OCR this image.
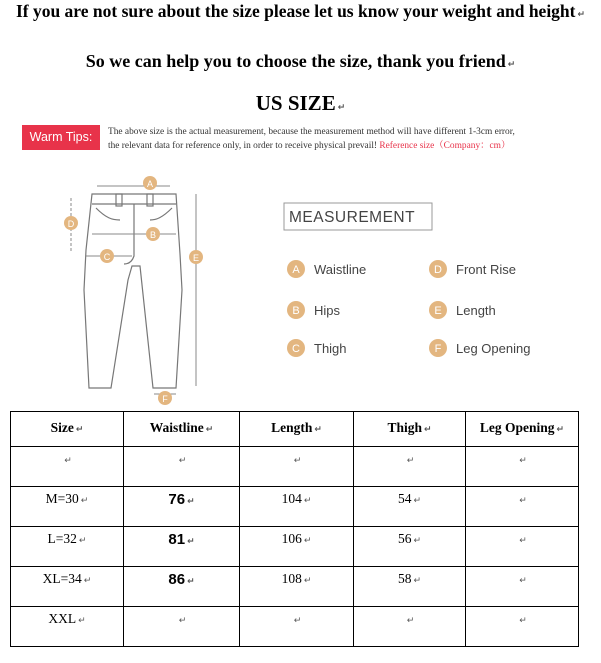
If you are not sure about the size please let us know your weight and height ↵
So we can help you to choose the size, thank you friend ↵
US SIZE ↵
Warm Tips:	The above size is the actual measurement, because the measurement method will have different 1-3cm error,
the relevant data for reference only, in order to receive physical prevail! Reference size（Company：cm）
A
B
C
D
E
F
MEASUREMENT
A Waistline
B Hips
C Thigh
D Front Rise
E Length
F Leg Opening
Size ↵	Waistline ↵	Length ↵	Thigh ↵	Leg Opening ↵
↵	↵	↵	↵	↵
M=30 ↵	76 ↵	104 ↵	54 ↵	↵
L=32 ↵	81 ↵	106 ↵	56 ↵	↵
XL=34 ↵	86 ↵	108 ↵	58 ↵	↵
XXL ↵	↵	↵	↵	↵
